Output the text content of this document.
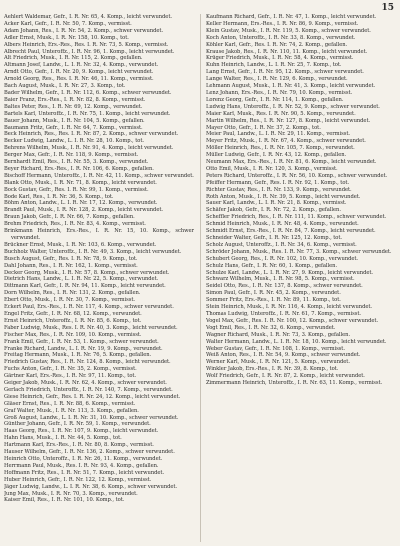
15
Aehlert Waldemar, Gefr., I. R. Nr. 65, 4. Komp., leicht verwundet.
Acker Karl, Gefr., I. R. Nr. 50, 7. Komp., vermisst.
Adam Johann, Res., I. R. Nr. 54, 2. Komp., schwer verwundet.
Adler Ernst, Musk., I. R. Nr. 158, 10. Komp., tot.
Albers Heinrich, Ers.-Res., Res. I. R. Nr. 73, 5. Komp., vermisst.
Albrecht Paul, Unteroffz., I. R. Nr. 96, 1. Komp., leicht verwundet.
Alt Friedrich, Musk., I. R. Nr. 115, 2. Komp., gefallen.
Altmann Josef, Landw., L. I. R. Nr. 32, 4. Komp., verwundet.
Arndt Otto, Gefr., I. R. Nr. 20, 9. Komp., leicht verwundet.
Arnold Georg, Res., Res. I. R. Nr. 46, 11. Komp., vermisst.
Bach August, Musk., I. R. Nr. 27, 3. Komp., tot.
Bader Wilhelm, Gefr., I. R. Nr. 112, 6. Komp., schwer verwundet.
Baier Franz, Ers.-Res., I. R. Nr. 82, 8. Komp., vermisst.
Baltes Peter, Res., I. R. Nr. 69, 12. Komp., verwundet.
Bartels Karl, Unteroffz., I. R. Nr. 75, 1. Komp., leicht verwundet.
Bauer Johann, Musk., I. R. Nr. 104, 5. Komp., gefallen.
Baumann Fritz, Gefr., I. R. Nr. 64, 7. Komp., vermisst.
Beck Heinrich, Res., Res. I. R. Nr. 87, 2. Komp., schwer verwundet.
Becker Ludwig, Landw., L. I. R. Nr. 28, 10. Komp., tot.
Behrens Wilhelm, Musk., I. R. Nr. 91, 4. Komp., leicht verwundet.
Berger Max, Gefr., I. R. Nr. 118, 9. Komp., vermisst.
Bernhardt Emil, Res., I. R. Nr. 55, 3. Komp., verwundet.
Beyer Richard, Ers.-Res., I. R. Nr. 106, 6. Komp., gefallen.
Bischoff Hermann, Unteroffz., I. R. Nr. 42, 11. Komp., schwer verwundet.
Blank Otto, Musk., I. R. Nr. 71, 8. Komp., leicht verwundet.
Bock Gustav, Gefr., Res. I. R. Nr. 99, 1. Komp., vermisst.
Bode Karl, Res., I. R. Nr. 36, 5. Komp., tot.
Böhm Anton, Landw., L. I. R. Nr. 17, 12. Komp., verwundet.
Brandt Paul, Musk., I. R. Nr. 128, 2. Komp., leicht verwundet.
Braun Jakob, Gefr., I. R. Nr. 66, 7. Komp., gefallen.
Brehm Friedrich, Res., I. R. Nr. 83, 4. Komp., vermisst.
Brinkmann Heinrich, Ers.-Res., I. R. Nr. 15, 10. Komp., schwer verwundet.
Brückner Ernst, Musk., I. R. Nr. 103, 6. Komp., verwundet.
Buchholz Walter, Unteroffz., I. R. Nr. 49, 3. Komp., leicht verwundet.
Busch August, Gefr., Res. I. R. Nr. 78, 9. Komp., tot.
Dahl Johann, Res., I. R. Nr. 162, 1. Komp., vermisst.
Decker Georg, Musk., I. R. Nr. 57, 8. Komp., schwer verwundet.
Dietrich Hans, Landw., L. I. R. Nr. 22, 5. Komp., verwundet.
Dittmann Karl, Gefr., I. R. Nr. 94, 11. Komp., leicht verwundet.
Dorn Wilhelm, Res., I. R. Nr. 131, 2. Komp., gefallen.
Ebert Otto, Musk., I. R. Nr. 30, 7. Komp., vermisst.
Eckert Paul, Ers.-Res., I. R. Nr. 117, 4. Komp., schwer verwundet.
Engel Fritz, Gefr., I. R. Nr. 68, 12. Komp., verwundet.
Ernst Heinrich, Unteroffz., I. R. Nr. 85, 6. Komp., tot.
Faber Ludwig, Musk., Res. I. R. Nr. 40, 3. Komp., leicht verwundet.
Fischer Max, Res., I. R. Nr. 109, 10. Komp., vermisst.
Frank Emil, Gefr., I. R. Nr. 53, 1. Komp., schwer verwundet.
Franke Richard, Landw., L. I. R. Nr. 19, 9. Komp., verwundet.
Freitag Hermann, Musk., I. R. Nr. 76, 5. Komp., gefallen.
Friedrich Gustav, Res., I. R. Nr. 124, 8. Komp., leicht verwundet.
Fuchs Anton, Gefr., I. R. Nr. 35, 2. Komp., vermisst.
Gärtner Karl, Ers.-Res., I. R. Nr. 97, 11. Komp., tot.
Geiger Jakob, Musk., I. R. Nr. 62, 4. Komp., schwer verwundet.
Gerlach Friedrich, Unteroffz., I. R. Nr. 140, 7. Komp., verwundet.
Giese Heinrich, Gefr., Res. I. R. Nr. 24, 12. Komp., leicht verwundet.
Gläser Ernst, Res., I. R. Nr. 88, 6. Komp., vermisst.
Graf Walter, Musk., I. R. Nr. 113, 3. Komp., gefallen.
Groß August, Landw., L. I. R. Nr. 31, 10. Komp., schwer verwundet.
Günther Johann, Gefr., I. R. Nr. 59, 1. Komp., verwundet.
Haas Georg, Res., I. R. Nr. 107, 9. Komp., leicht verwundet.
Hahn Hans, Musk., I. R. Nr. 44, 5. Komp., tot.
Hartmann Karl, Ers.-Res., I. R. Nr. 80, 8. Komp., vermisst.
Hauser Wilhelm, Gefr., I. R. Nr. 136, 2. Komp., schwer verwundet.
Heinrich Otto, Unteroffz., I. R. Nr. 26, 11. Komp., verwundet.
Herrmann Paul, Musk., Res. I. R. Nr. 93, 4. Komp., gefallen.
Hoffmann Fritz, Res., I. R. Nr. 51, 7. Komp., leicht verwundet.
Huber Heinrich, Gefr., I. R. Nr. 122, 12. Komp., vermisst.
Jäger Ludwig, Landw., L. I. R. Nr. 38, 6. Komp., schwer verwundet.
Jung Max, Musk., I. R. Nr. 70, 3. Komp., verwundet.
Kaiser Emil, Res., I. R. Nr. 101, 10. Komp., tot.
Kaufmann Richard, Gefr., I. R. Nr. 47, 1. Komp., leicht verwundet.
Keller Hermann, Ers.-Res., I. R. Nr. 86, 9. Komp., vermisst.
Klein Gustav, Musk., I. R. Nr. 119, 5. Komp., schwer verwundet.
Koch Anton, Unteroffz., I. R. Nr. 33, 8. Komp., verwundet.
Köhler Karl, Gefr., Res. I. R. Nr. 74, 2. Komp., gefallen.
Krause Jakob, Res., I. R. Nr. 110, 11. Komp., leicht verwundet.
Krüger Friedrich, Musk., I. R. Nr. 58, 4. Komp., vermisst.
Kuhn Heinrich, Landw., L. I. R. Nr. 25, 7. Komp., tot.
Lang Ernst, Gefr., I. R. Nr. 95, 12. Komp., schwer verwundet.
Lange Walter, Res., I. R. Nr. 129, 6. Komp., verwundet.
Lehmann August, Musk., I. R. Nr. 41, 3. Komp., leicht verwundet.
Lenz Johann, Ers.-Res., I. R. Nr. 79, 10. Komp., vermisst.
Lorenz Georg, Gefr., I. R. Nr. 114, 1. Komp., gefallen.
Ludwig Hans, Unteroffz., I. R. Nr. 52, 9. Komp., schwer verwundet.
Maier Karl, Musk., Res. I. R. Nr. 90, 5. Komp., verwundet.
Martin Wilhelm, Res., I. R. Nr. 127, 8. Komp., leicht verwundet.
Mayer Otto, Gefr., I. R. Nr. 37, 2. Komp., tot.
Meier Paul, Landw., L. I. R. Nr. 29, 11. Komp., vermisst.
Meyer Fritz, Musk., I. R. Nr. 67, 4. Komp., schwer verwundet.
Möller Heinrich, Res., I. R. Nr. 105, 7. Komp., verwundet.
Müller Ludwig, Gefr., I. R. Nr. 43, 12. Komp., gefallen.
Neumann Max, Ers.-Res., I. R. Nr. 81, 6. Komp., leicht verwundet.
Otto Emil, Musk., I. R. Nr. 120, 3. Komp., vermisst.
Peters Richard, Unteroffz., I. R. Nr. 56, 10. Komp., schwer verwundet.
Pfeiffer Hermann, Gefr., Res. I. R. Nr. 92, 1. Komp., tot.
Richter Gustav, Res., I. R. Nr. 133, 9. Komp., verwundet.
Roth Anton, Musk., I. R. Nr. 39, 5. Komp., leicht verwundet.
Sauer Karl, Landw., L. I. R. Nr. 21, 8. Komp., vermisst.
Schäfer Jakob, Gefr., I. R. Nr. 72, 2. Komp., gefallen.
Scheffler Friedrich, Res., I. R. Nr. 111, 11. Komp., schwer verwundet.
Schmid Heinrich, Musk., I. R. Nr. 48, 4. Komp., verwundet.
Schmidt Ernst, Ers.-Res., I. R. Nr. 84, 7. Komp., leicht verwundet.
Schneider Walter, Gefr., I. R. Nr. 125, 12. Komp., tot.
Scholz August, Unteroffz., I. R. Nr. 34, 6. Komp., vermisst.
Schröder Johann, Musk., Res. I. R. Nr. 77, 3. Komp., schwer verwundet.
Schubert Georg, Res., I. R. Nr. 102, 10. Komp., verwundet.
Schulz Hans, Gefr., I. R. Nr. 60, 1. Komp., gefallen.
Schulze Karl, Landw., L. I. R. Nr. 27, 9. Komp., leicht verwundet.
Schwarz Wilhelm, Musk., I. R. Nr. 98, 5. Komp., vermisst.
Seidel Otto, Res., I. R. Nr. 137, 8. Komp., schwer verwundet.
Simon Paul, Gefr., I. R. Nr. 45, 2. Komp., verwundet.
Sommer Fritz, Ers.-Res., I. R. Nr. 89, 11. Komp., tot.
Stein Heinrich, Musk., I. R. Nr. 116, 4. Komp., leicht verwundet.
Thomas Ludwig, Unteroffz., I. R. Nr. 61, 7. Komp., vermisst.
Vogel Max, Gefr., Res. I. R. Nr. 100, 12. Komp., schwer verwundet.
Vogt Emil, Res., I. R. Nr. 32, 6. Komp., verwundet.
Wagner Richard, Musk., I. R. Nr. 73, 3. Komp., gefallen.
Walter Hermann, Landw., L. I. R. Nr. 18, 10. Komp., leicht verwundet.
Weber Gustav, Gefr., I. R. Nr. 108, 1. Komp., vermisst.
Weiß Anton, Res., I. R. Nr. 54, 9. Komp., schwer verwundet.
Werner Karl, Musk., I. R. Nr. 121, 5. Komp., verwundet.
Winkler Jakob, Ers.-Res., I. R. Nr. 39, 8. Komp., tot.
Wolf Friedrich, Gefr., I. R. Nr. 87, 2. Komp., leicht verwundet.
Zimmermann Heinrich, Unteroffz., I. R. Nr. 63, 11. Komp., vermisst.
